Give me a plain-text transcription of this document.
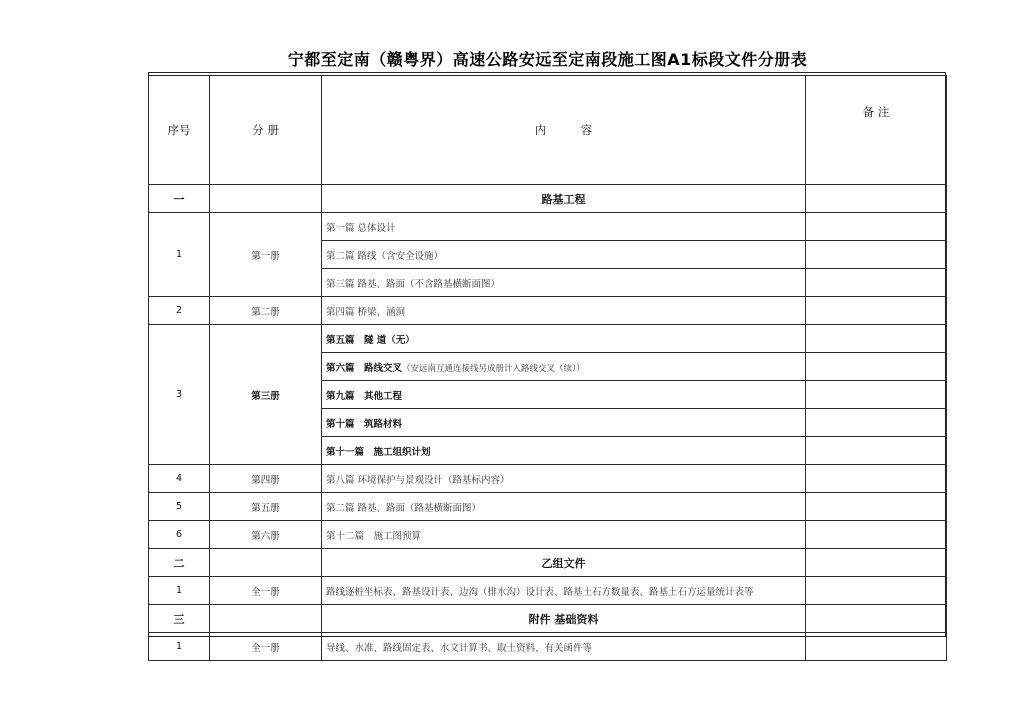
宁都至定南（赣粤界）高速公路安远至定南段施工图A1标段文件分册表
序号	分 册	内　　　容	备 注
一		路基工程	
1	第一册	第一篇 总体设计	
		第二篇 路线（含安全设施）	
		第三篇 路基、路面（不含路基横断面图）	
2	第二册	第四篇 桥梁、涵洞	
3	第三册	第五篇　隧 道（无）	
		第六篇　路线交叉（安远南互通连接线另成册计入路线交叉（续））	
		第九篇　其他工程	
		第十篇　筑路材料	
		第十一篇　施工组织计划	
4	第四册	第八篇 环境保护与景观设计（路基标内容）	
5	第五册	第二篇 路基、路面（路基横断面图）	
6	第六册	第十二篇　施工图预算	
二		乙组文件	
1	全一册	路线逐桩坐标表、路基设计表、边沟（排水沟）设计表、路基土石方数量表、路基土石方运量统计表等	
三		附件 基础资料	
1	全一册	导线、水准、路线固定表、水文计算书、取土资料、有关函件等	
